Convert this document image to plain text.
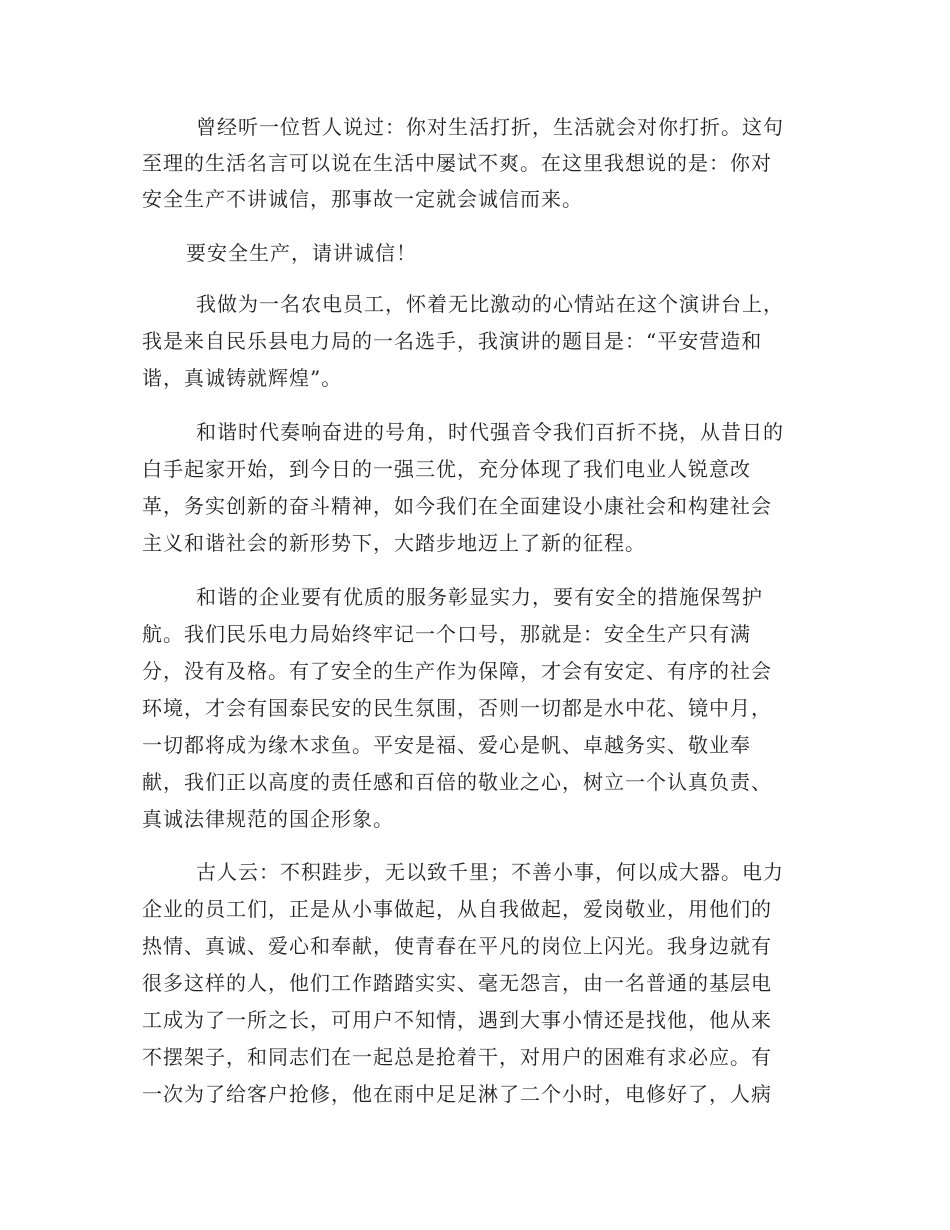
曾经听一位哲人说过：你对生活打折，生活就会对你打折。这句

至理的生活名言可以说在生活中屡试不爽。在这里我想说的是：你对

安全生产不讲诚信，那事故一定就会诚信而来。

要安全生产，请讲诚信！

我做为一名农电员工，怀着无比激动的心情站在这个演讲台上，

我是来自民乐县电力局的一名选手，我演讲的题目是：“平安营造和

谐，真诚铸就辉煌”。

和谐时代奏响奋进的号角，时代强音令我们百折不挠，从昔日的

白手起家开始，到今日的一强三优，充分体现了我们电业人锐意改

革，务实创新的奋斗精神，如今我们在全面建设小康社会和构建社会

主义和谐社会的新形势下，大踏步地迈上了新的征程。

和谐的企业要有优质的服务彰显实力，要有安全的措施保驾护

航。我们民乐电力局始终牢记一个口号，那就是：安全生产只有满

分，没有及格。有了安全的生产作为保障，才会有安定、有序的社会

环境，才会有国泰民安的民生氛围，否则一切都是水中花、镜中月，

一切都将成为缘木求鱼。平安是福、爱心是帆、卓越务实、敬业奉

献，我们正以高度的责任感和百倍的敬业之心，树立一个认真负责、

真诚法律规范的国企形象。

古人云：不积跬步，无以致千里；不善小事，何以成大器。电力

企业的员工们，正是从小事做起，从自我做起，爱岗敬业，用他们的

热情、真诚、爱心和奉献，使青春在平凡的岗位上闪光。我身边就有

很多这样的人，他们工作踏踏实实、毫无怨言，由一名普通的基层电

工成为了一所之长，可用户不知情，遇到大事小情还是找他，他从来

不摆架子，和同志们在一起总是抢着干，对用户的困难有求必应。有

一次为了给客户抢修，他在雨中足足淋了二个小时，电修好了，人病
